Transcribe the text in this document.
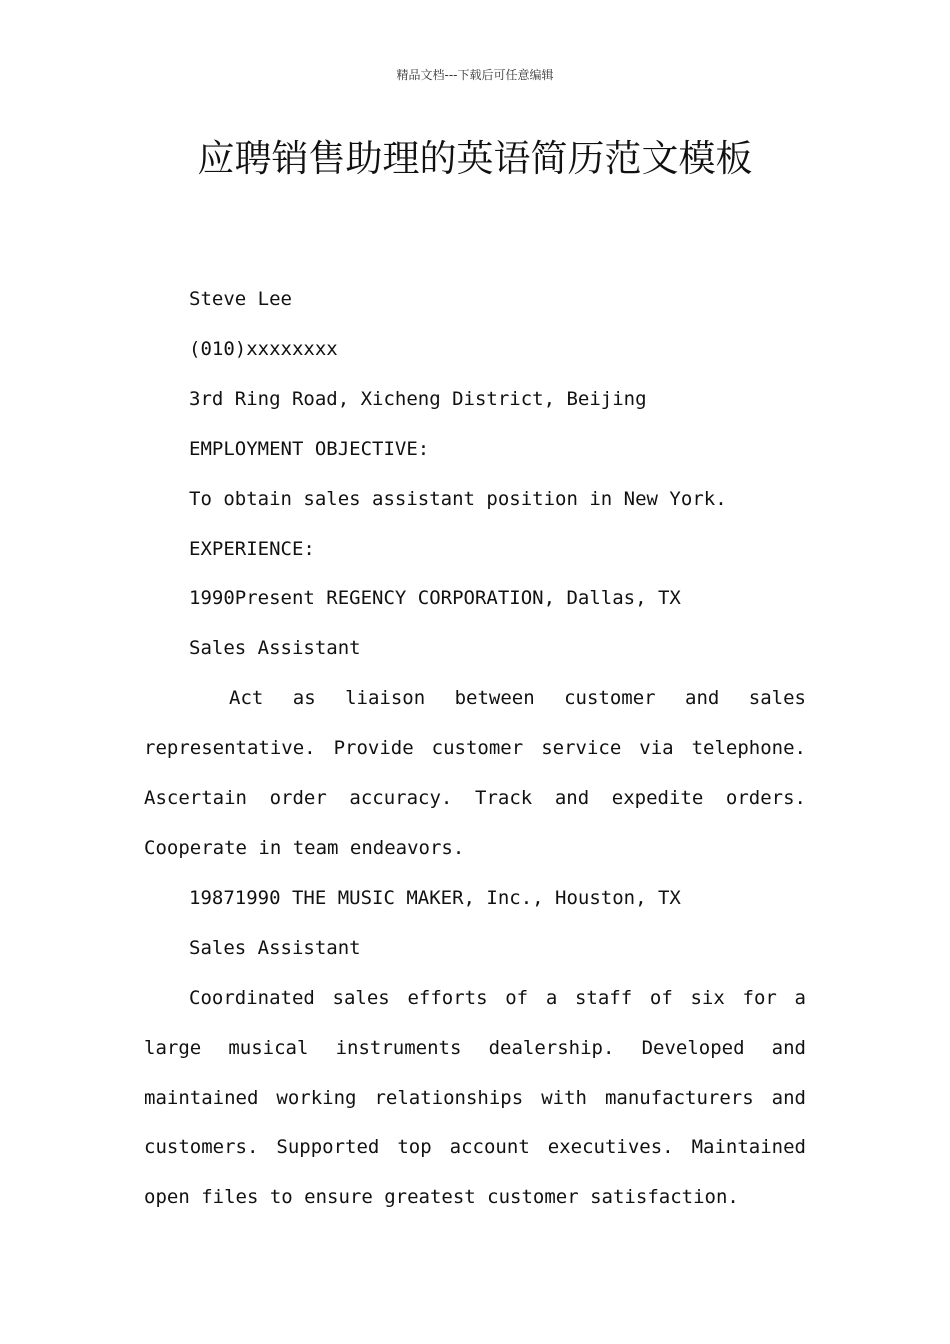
精品文档---下载后可任意编辑
应聘销售助理的英语简历范文模板

Steve Lee

(010)xxxxxxxx

3rd Ring Road, Xicheng District, Beijing

EMPLOYMENT OBJECTIVE:

To obtain sales assistant position in New York.

EXPERIENCE:

1990Present REGENCY CORPORATION, Dallas, TX

Sales Assistant

Act as liaison between customer and sales representative. Provide customer service via telephone. Ascertain order accuracy. Track and expedite orders. Cooperate in team endeavors.

19871990 THE MUSIC MAKER, Inc., Houston, TX

Sales Assistant

Coordinated sales efforts of a staff of six for a large musical instruments dealership. Developed and maintained working relationships with manufacturers and customers. Supported top account executives. Maintained open files to ensure greatest customer satisfaction.
